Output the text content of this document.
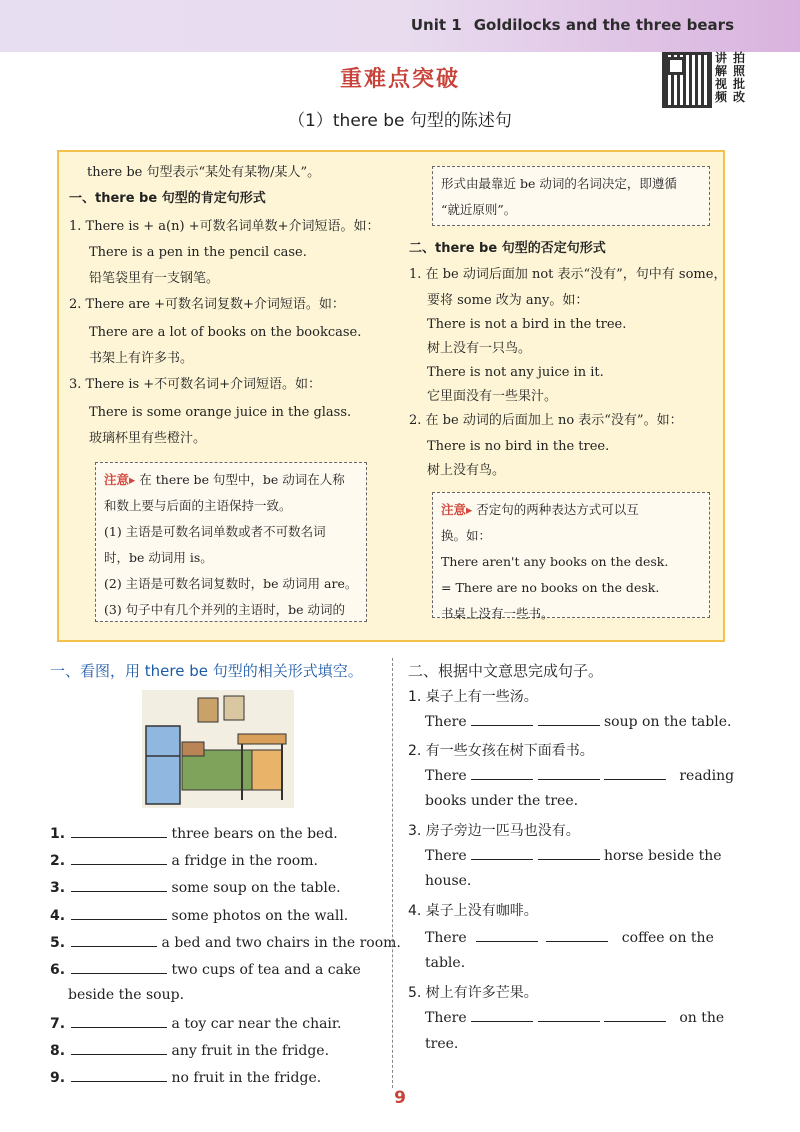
Unit 1 Goldilocks and the three bears
讲 拍
解 照
视 批
频 改
重难点突破
（1）there be 句型的陈述句
there be 句型表示“某处有某物/某人”。
一、there be 句型的肯定句形式
1. There is + a(n) +可数名词单数+介词短语。如：
There is a pen in the pencil case.
铅笔袋里有一支钢笔。
2. There are +可数名词复数+介词短语。如：
There are a lot of books on the bookcase.
书架上有许多书。
3. There is +不可数名词+介词短语。如：
There is some orange juice in the glass.
玻璃杯里有些橙汁。
注意▸ 在 there be 句型中，be 动词在人称
和数上要与后面的主语保持一致。
(1) 主语是可数名词单数或者不可数名词
时，be 动词用 is。
(2) 主语是可数名词复数时，be 动词用 are。
(3) 句子中有几个并列的主语时，be 动词的
形式由最靠近 be 动词的名词决定，即遵循
“就近原则”。
二、there be 句型的否定句形式
1. 在 be 动词后面加 not 表示“没有”，句中有 some，
要将 some 改为 any。如：
There is not a bird in the tree.
树上没有一只鸟。
There is not any juice in it.
它里面没有一些果汁。
2. 在 be 动词的后面加上 no 表示“没有”。如：
There is no bird in the tree.
树上没有鸟。
注意▸ 否定句的两种表达方式可以互
换。如：
There aren't any books on the desk.
= There are no books on the desk.
书桌上没有一些书。
一、看图，用 there be 句型的相关形式填空。
1.	three bears on the bed.
2.	a fridge in the room.
3.	some soup on the table.
4.	some photos on the wall.
5.	a bed and two chairs in the room.
6.	two cups of tea and a cake
beside the soup.
7.	a toy car near the chair.
8.	any fruit in the fridge.
9.	no fruit in the fridge.
二、根据中文意思完成句子。
1. 桌子上有一些汤。
There	soup on the table.
2. 有一些女孩在树下面看书。
There	reading
books under the tree.
3. 房子旁边一匹马也没有。
There	horse beside the
house.
4. 桌子上没有咖啡。
There	coffee on the
table.
5. 树上有许多芒果。
There	on the
tree.
9
